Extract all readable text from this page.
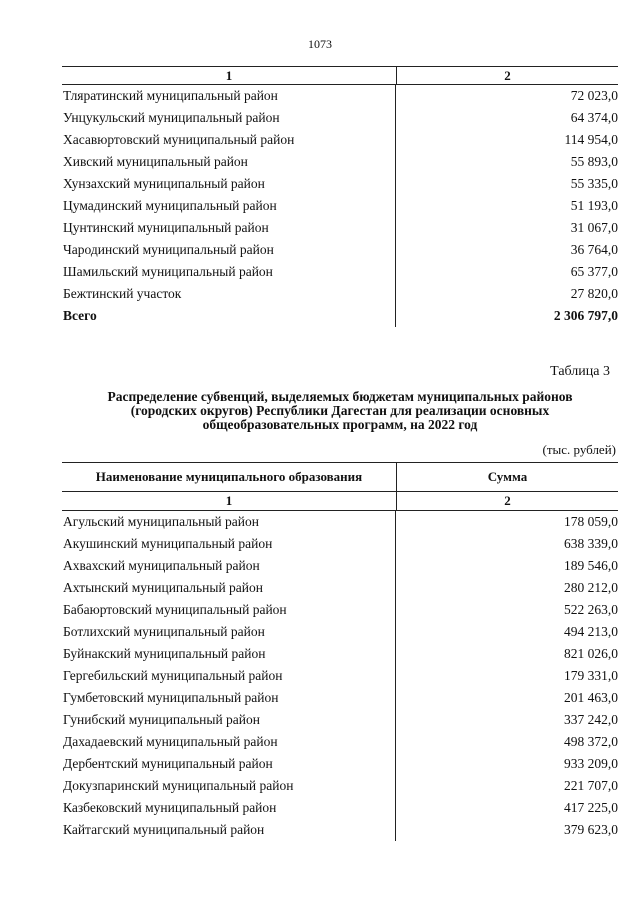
1073
1	2
Тляратинский муниципальный район	72 023,0
Унцукульский муниципальный район	64 374,0
Хасавюртовский муниципальный район	114 954,0
Хивский муниципальный район	55 893,0
Хунзахский муниципальный район	55 335,0
Цумадинский муниципальный район	51 193,0
Цунтинский муниципальный район	31 067,0
Чародинский муниципальный район	36 764,0
Шамильский муниципальный район	65 377,0
Бежтинский участок	27 820,0
Всего	2 306 797,0
Таблица 3
Распределение субвенций, выделяемых бюджетам муниципальных районов
(городских округов) Республики Дагестан для реализации основных
общеобразовательных программ, на 2022 год
(тыс. рублей)
Наименование муниципального образования	Сумма
1	2
Агульский муниципальный район	178 059,0
Акушинский муниципальный район	638 339,0
Ахвахский муниципальный район	189 546,0
Ахтынский муниципальный район	280 212,0
Бабаюртовский муниципальный район	522 263,0
Ботлихский муниципальный район	494 213,0
Буйнакский муниципальный район	821 026,0
Гергебильский муниципальный район	179 331,0
Гумбетовский муниципальный район	201 463,0
Гунибский муниципальный район	337 242,0
Дахадаевский муниципальный район	498 372,0
Дербентский муниципальный район	933 209,0
Докузпаринский муниципальный район	221 707,0
Казбековский муниципальный район	417 225,0
Кайтагский муниципальный район	379 623,0
